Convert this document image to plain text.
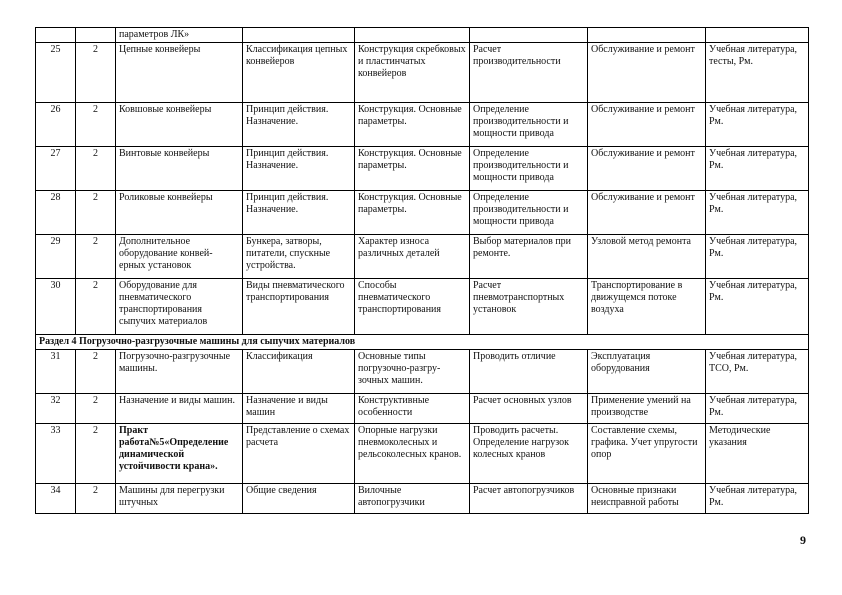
		параметров ЛК»					
25	2	Цепные конвейеры	Классификация цепных конвейеров	Конструкция скребковых и пластинчатых конвейеров	Расчет производительности	Обслуживание и ремонт	Учебная литература, тесты, Рм.
26	2	Ковшовые конвейеры	Принцип действия. Назначение.	Конструкция. Основные параметры.	Определение производительности и мощности привода	Обслуживание и ремонт	Учебная литература, Рм.
27	2	Винтовые конвейеры	Принцип действия. Назначение.	Конструкция. Основные параметры.	Определение производительности и мощности привода	Обслуживание и ремонт	Учебная литература, Рм.
28	2	Роликовые конвейеры	Принцип действия. Назначение.	Конструкция. Основные параметры.	Определение производительности и мощности привода	Обслуживание и ремонт	Учебная литература, Рм.
29	2	Дополнительное оборудование конвей-ерных установок	Бункера, затворы, питатели, спускные устройства.	Характер износа различных деталей	Выбор материалов при ремонте.	Узловой метод ремонта	Учебная литература, Рм.
30	2	Оборудование для пневматического транспортирования сыпучих материалов	Виды пневматического транспортирования	Способы пневматического транспортирования	Расчет пневмотранспортных установок	Транспортирование в движущемся потоке воздуха	Учебная литература, Рм.
Раздел 4 Погрузочно-разгрузочные машины для сыпучих материалов							
31	2	Погрузочно-разгрузочные машины.	Классификация	Основные типы погрузочно-разгру-зочных машин.	Проводить отличие	Эксплуатация оборудования	Учебная литература, ТСО, Рм.
32	2	Назначение и виды машин.	Назначение и виды машин	Конструктивные особенности	Расчет основных узлов	Применение умений на производстве	Учебная литература, Рм.
33	2	Практ работа№5«Определение динамической устойчивости крана».	Представление о схемах расчета	Опорные нагрузки пневмоколесных и рельсоколесных кранов.	Проводить расчеты. Определение нагрузок колесных кранов	Составление схемы, графика. Учет упругости опор	Методические указания
34	2	Машины для перегрузки штучных	Общие сведения	Вилочные автопогрузчики	Расчет автопогрузчиков	Основные признаки неисправной работы	Учебная литература, Рм.
9
